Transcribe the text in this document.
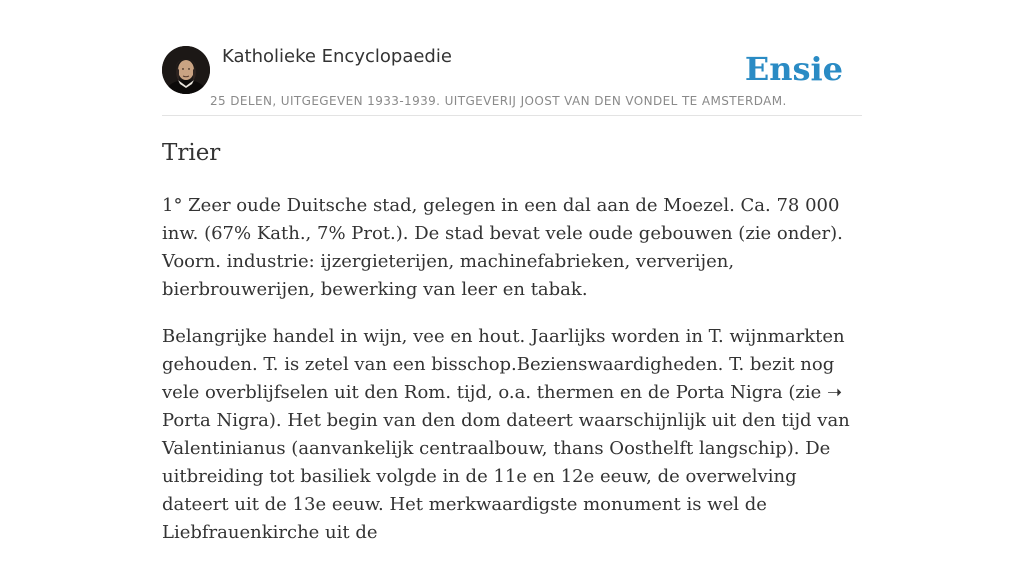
Katholieke Encyclopaedie
25 DELEN, UITGEGEVEN 1933-1939. UITGEVERIJ JOOST VAN DEN VONDEL TE AMSTERDAM.
Ensie
Trier

1° Zeer oude Duitsche stad, gelegen in een dal aan de Moezel. Ca. 78 000 inw. (67% Kath., 7% Prot.). De stad bevat vele oude gebouwen (zie onder). Voorn. industrie: ijzergieterijen, machinefabrieken, ververijen, bierbrouwerijen, bewerking van leer en tabak.

Belangrijke handel in wijn, vee en hout. Jaarlijks worden in T. wijnmarkten gehouden. T. is zetel van een bisschop.Bezienswaardigheden. T. bezit nog vele overblijfselen uit den Rom. tijd, o.a. thermen en de Porta Nigra (zie ➝ Porta Nigra). Het begin van den dom dateert waarschijnlijk uit den tijd van Valentinianus (aanvankelijk centraalbouw, thans Oosthelft langschip). De uitbreiding tot basiliek volgde in de 11e en 12e eeuw, de overwelving dateert uit de 13e eeuw. Het merkwaardigste monument is wel de Liebfrauenkirche uit de
